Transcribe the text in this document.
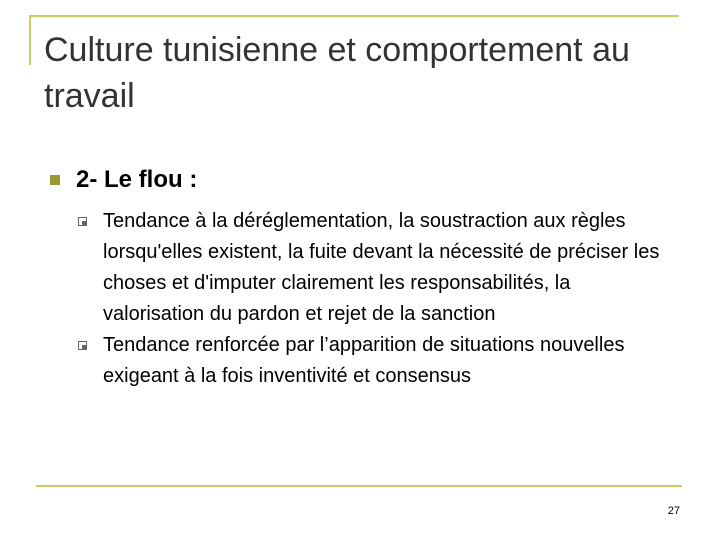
Culture tunisienne et comportement au travail
2- Le flou :
Tendance à la déréglementation, la soustraction aux règles lorsqu'elles existent, la fuite devant la nécessité de préciser les choses et d'imputer clairement les responsabilités, la valorisation du pardon et rejet de la sanction
Tendance renforcée par l’apparition de situations nouvelles exigeant à la fois inventivité et consensus
27
